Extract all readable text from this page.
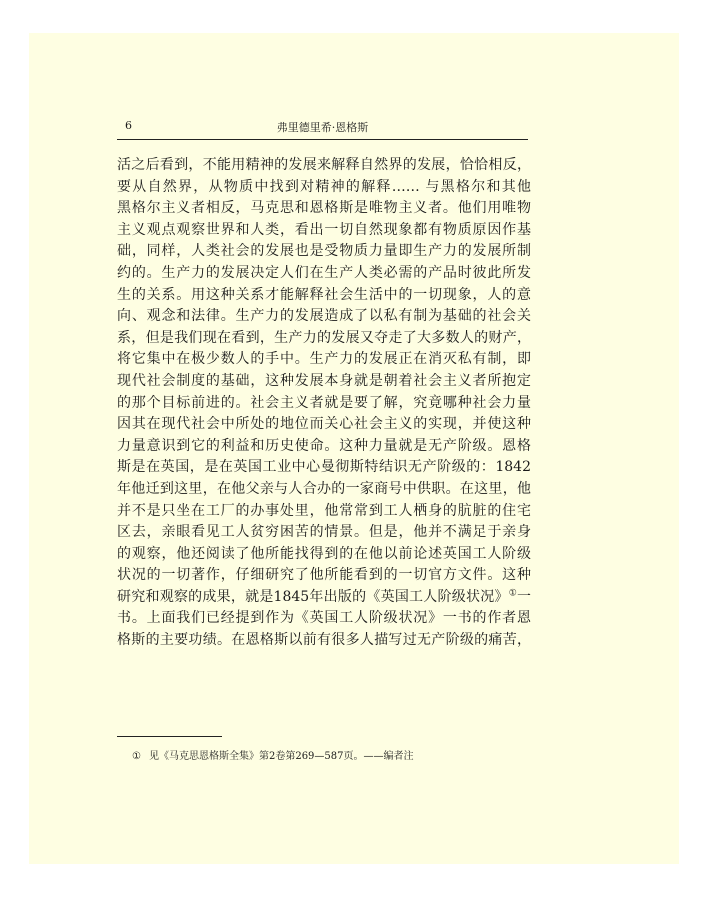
6	弗里德里希·恩格斯
活之后看到，不能用精神的发展来解释自然界的发展，恰恰相反，
要从自然界，从物质中找到对精神的解释…… 与黑格尔和其他
黑格尔主义者相反，马克思和恩格斯是唯物主义者。他们用唯物
主义观点观察世界和人类，看出一切自然现象都有物质原因作基
础，同样，人类社会的发展也是受物质力量即生产力的发展所制
约的。生产力的发展决定人们在生产人类必需的产品时彼此所发
生的关系。用这种关系才能解释社会生活中的一切现象，人的意
向、观念和法律。生产力的发展造成了以私有制为基础的社会关
系，但是我们现在看到，生产力的发展又夺走了大多数人的财产，
将它集中在极少数人的手中。生产力的发展正在消灭私有制，即
现代社会制度的基础，这种发展本身就是朝着社会主义者所抱定
的那个目标前进的。社会主义者就是要了解，究竟哪种社会力量
因其在现代社会中所处的地位而关心社会主义的实现，并使这种
力量意识到它的利益和历史使命。这种力量就是无产阶级。恩格
斯是在英国，是在英国工业中心曼彻斯特结识无产阶级的：1842
年他迁到这里，在他父亲与人合办的一家商号中供职。在这里，他
并不是只坐在工厂的办事处里，他常常到工人栖身的肮脏的住宅
区去，亲眼看见工人贫穷困苦的情景。但是，他并不满足于亲身
的观察，他还阅读了他所能找得到的在他以前论述英国工人阶级
状况的一切著作，仔细研究了他所能看到的一切官方文件。这种
研究和观察的成果，就是1845年出版的《英国工人阶级状况》①一
书。上面我们已经提到作为《英国工人阶级状况》一书的作者恩
格斯的主要功绩。在恩格斯以前有很多人描写过无产阶级的痛苦，
① 见《马克思恩格斯全集》第2卷第269—587页。——编者注
